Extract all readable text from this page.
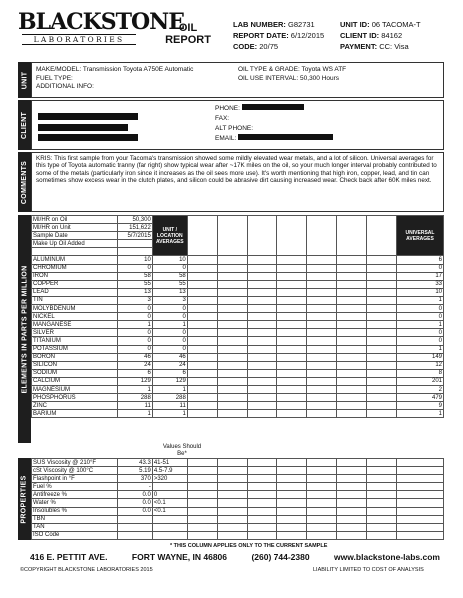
BLACKSTONE
LABORATORIES
OIL
REPORT
LAB NUMBER: G82731
REPORT DATE: 6/12/2015
CODE: 20/75
UNIT ID: 06 TACOMA-T
CLIENT ID: 84162
PAYMENT: CC: Visa
UNIT
MAKE/MODEL: Transmission Toyota A750E Automatic
FUEL TYPE:
ADDITIONAL INFO:
OIL TYPE & GRADE: Toyota WS ATF
OIL USE INTERVAL: 50,300 Hours
CLIENT
PHONE:
FAX:
ALT PHONE:
EMAIL:
COMMENTS
KRIS: This first sample from your Tacoma's transmission showed some mildly elevated wear metals, and a lot of silicon. Universal averages for this type of Toyota automatic tranny (far right) show typical wear after ~17K miles on the oil, so your much longer interval probably contributed to some of the metals (particularly iron since it increases as the oil sees more use). It's worth mentioning that high iron, copper, lead, and tin can sometimes show excess wear in the clutch plates, and silicon could be abrasive dirt causing increased wear. Check back after 60K miles next.
ELEMENTS IN PARTS PER MILLION
MI/HR on Oil	50,300	UNIT / LOCATION AVERAGES								UNIVERSAL AVERAGES
MI/HR on Unit	151,622									
Sample Date	5/7/2015									
Make Up Oil Added										

ALUMINUM	10	10								6
CHROMIUM	0	0								0
IRON	58	58								17
COPPER	55	55								33
LEAD	13	13								10
TIN	3	3								1
MOLYBDENUM	0	0								0
NICKEL	0	0								0
MANGANESE	1	1								1
SILVER	0	0								0
TITANIUM	0	0								0
POTASSIUM	0	0								1
BORON	46	46								149
SILICON	24	24								12
SODIUM	6	6								8
CALCIUM	129	129								201
MAGNESIUM	1	1								2
PHOSPHORUS	288	288								479
ZINC	11	11								9
BARIUM	1	1								1
Values Should Be*
PROPERTIES
SUS Viscosity @ 210°F	43.3	41-51								
cSt Viscosity @ 100°C	5.19	4.5-7.9								
Flashpoint in °F	370	>320								
Fuel %	-									
Antifreeze %	0.0	0								
Water %	0.0	<0.1								
Insolubles %	0.0	<0.1								
TBN										
TAN										
ISO Code										
* THIS COLUMN APPLIES ONLY TO THE CURRENT SAMPLE
416 E. PETTIT AVE.	FORT WAYNE, IN 46806	(260) 744-2380	www.blackstone-labs.com
©COPYRIGHT BLACKSTONE LABORATORIES 2015	LIABILITY LIMITED TO COST OF ANALYSIS
